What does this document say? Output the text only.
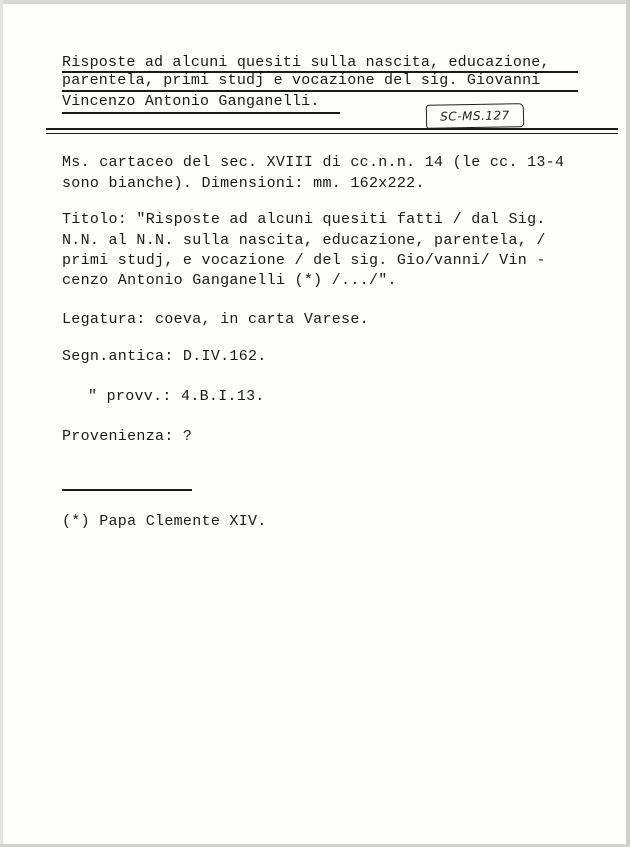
Risposte ad alcuni quesiti sulla nascita, educazione,
parentela, primi studj e vocazione del sig. Giovanni
Vincenzo Antonio Ganganelli.
SC-MS.127
Ms. cartaceo del sec. XVIII di cc.n.n. 14 (le cc. 13-4
sono bianche). Dimensioni: mm. 162x222.
Titolo: "Risposte ad alcuni quesiti fatti / dal Sig.
N.N. al N.N. sulla nascita, educazione, parentela, /
primi studj, e vocazione / del sig. Gio/vanni/ Vin -
cenzo Antonio Ganganelli (*) /.../".
Legatura: coeva, in carta Varese.
Segn.antica: D.IV.162.
" provv.: 4.B.I.13.
Provenienza: ?
(*) Papa Clemente XIV.
